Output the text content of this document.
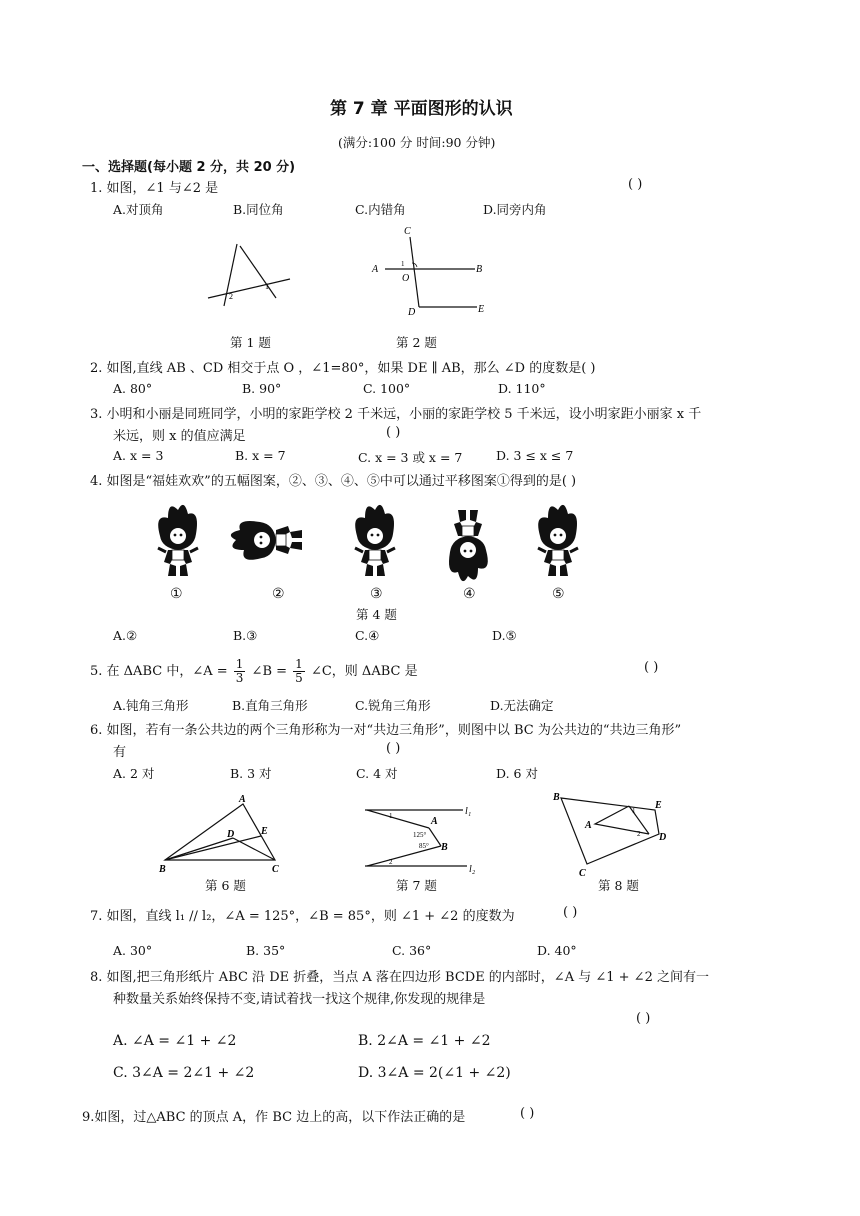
第 7 章 平面图形的认识
(满分:100 分 时间:90 分钟)
一、选择题(每小题 2 分，共 20 分)
1. 如图，∠1 与∠2 是	( )
A.对顶角	B.同位角	C.内错角	D.同旁内角
1
2
第 1 题
C
A	1
O
B
D	E
第 2 题
2. 如图,直线 AB 、CD 相交于点 O ，∠1=80°，如果 DE ∥ AB，那么 ∠D 的度数是( )
A. 80°	B. 90°	C. 100°	D. 110°
3. 小明和小丽是同班同学，小明的家距学校 2 千米远，小丽的家距学校 5 千米远，设小明家距小丽家 x 千
米远，则 x 的值应满足	( )
A. x = 3	B. x = 7	C. x = 3 或 x = 7	D. 3 ≤ x ≤ 7
4. 如图是“福娃欢欢”的五幅图案，②、③、④、⑤中可以通过平移图案①得到的是( )
①	②	③	④	⑤
第 4 题
A.②	B.③	C.④	D.⑤
5. 在 ΔABC 中，∠A = $\frac{1}{3}$ ∠B = $\frac{1}{5}$ ∠C，则 ΔABC 是	( )
A.钝角三角形	B.直角三角形	C.锐角三角形	D.无法确定
6. 如图，若有一条公共边的两个三角形称为一对“共边三角形”，则图中以 BC 为公共边的“共边三角形”
有	( )
A. 2 对	B. 3 对	C. 4 对	D. 6 对
A
D	E
B	C
第 6 题
1	l₁
A
125°
85° B
2
l₂
第 7 题
B
1 E
A
2 D
C
第 8 题
7. 如图，直线 l₁ // l₂，∠A = 125°，∠B = 85°，则 ∠1 + ∠2 的度数为	( )
A. 30°	B. 35°	C. 36°	D. 40°
8. 如图,把三角形纸片 ABC 沿 DE 折叠，当点 A 落在四边形 BCDE 的内部时，∠A 与 ∠1 + ∠2 之间有一
种数量关系始终保持不变,请试着找一找这个规律,你发现的规律是
( )
A. ∠A = ∠1 + ∠2	B. 2∠A = ∠1 + ∠2
C. 3∠A = 2∠1 + ∠2	D. 3∠A = 2(∠1 + ∠2)
9.如图，过△ABC 的顶点 A，作 BC 边上的高，以下作法正确的是	( )
